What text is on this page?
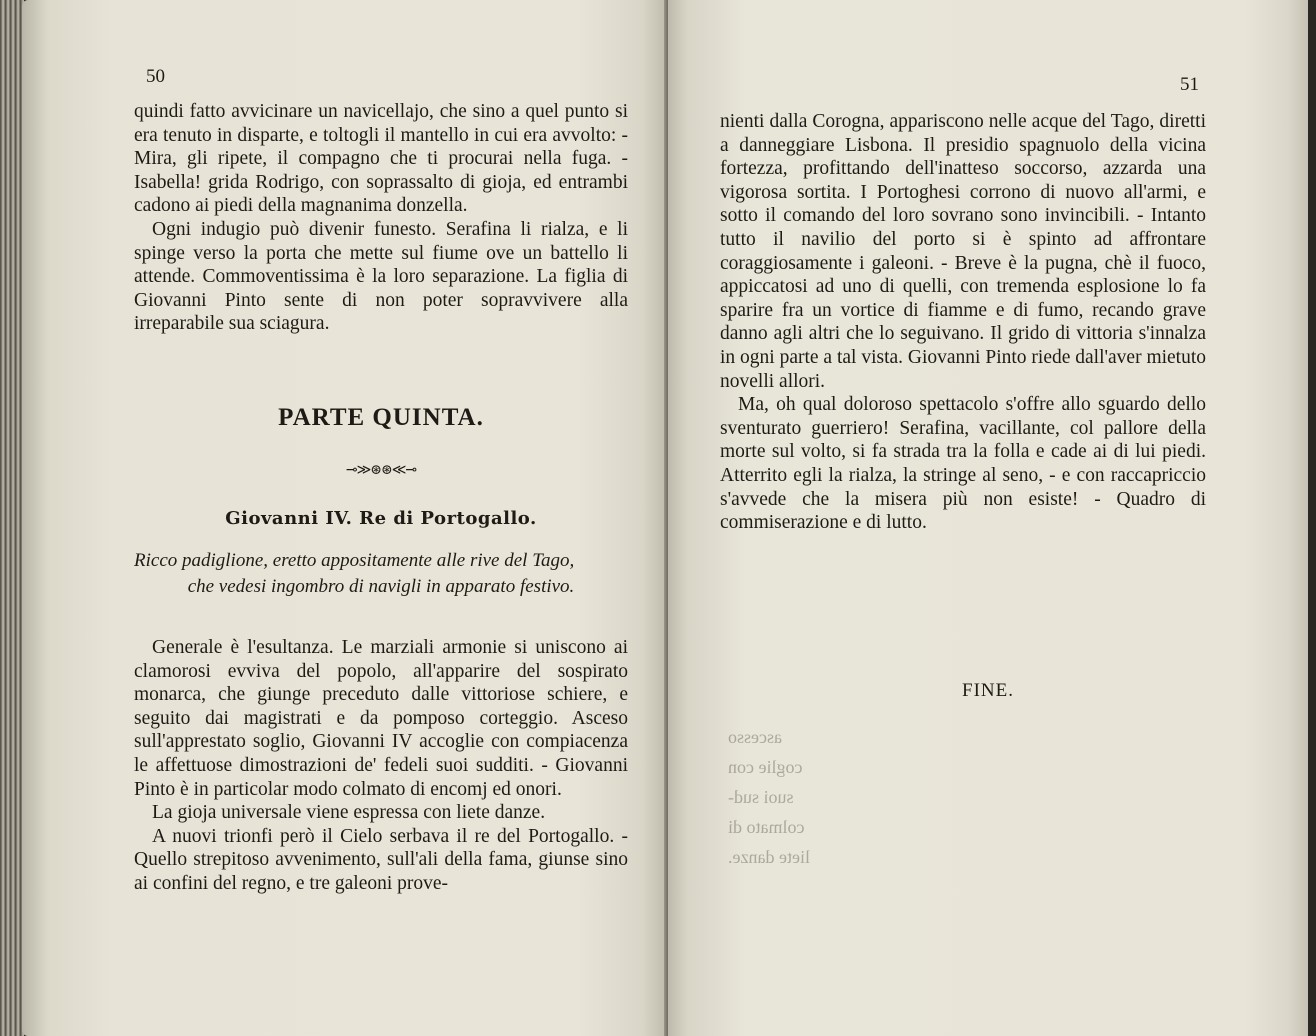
50

quindi fatto avvicinare un navicellajo, che sino a quel punto si era tenuto in disparte, e toltogli il mantello in cui era avvolto: - Mira, gli ripete, il compagno che ti procurai nella fuga. - Isabella! grida Rodrigo, con soprassalto di gioja, ed entrambi cadono ai piedi della magnanima donzella.

Ogni indugio può divenir funesto. Serafina li rialza, e li spinge verso la porta che mette sul fiume ove un battello li attende. Commoventissima è la loro separazione. La figlia di Giovanni Pinto sente di non poter sopravvivere alla irreparabile sua sciagura.

PARTE QUINTA.
⊸≫⊛⊛≪⊸
Giovanni IV. Re di Portogallo.
Ricco padiglione, eretto appositamente alle rive del Tago,
che vedesi ingombro di navigli in apparato festivo.

Generale è l'esultanza. Le marziali armonie si uniscono ai clamorosi evviva del popolo, all'apparire del sospirato monarca, che giunge preceduto dalle vittoriose schiere, e seguito dai magistrati e da pomposo corteggio. Asceso sull'apprestato soglio, Giovanni IV accoglie con compiacenza le affettuose dimostrazioni de' fedeli suoi sudditi. - Giovanni Pinto è in particolar modo colmato di encomj ed onori.

La gioja universale viene espressa con liete danze.

A nuovi trionfi però il Cielo serbava il re del Portogallo. - Quello strepitoso avvenimento, sull'ali della fama, giunse sino ai confini del regno, e tre galeoni prove-

51

nienti dalla Corogna, appariscono nelle acque del Tago, diretti a danneggiare Lisbona. Il presidio spagnuolo della vicina fortezza, profittando dell'inatteso soccorso, azzarda una vigorosa sortita. I Portoghesi corrono di nuovo all'armi, e sotto il comando del loro sovrano sono invincibili. - Intanto tutto il navilio del porto si è spinto ad affrontare coraggiosamente i galeoni. - Breve è la pugna, chè il fuoco, appiccatosi ad uno di quelli, con tremenda esplosione lo fa sparire fra un vortice di fiamme e di fumo, recando grave danno agli altri che lo seguivano. Il grido di vittoria s'innalza in ogni parte a tal vista. Giovanni Pinto riede dall'aver mietuto novelli allori.

Ma, oh qual doloroso spettacolo s'offre allo sguardo dello sventurato guerriero! Serafina, vacillante, col pallore della morte sul volto, si fa strada tra la folla e cade ai di lui piedi. Atterrito egli la rialza, la stringe al seno, - e con raccapriccio s'avvede che la misera più non esiste! - Quadro di commiserazione e di lutto.

FINE.
ascesso
coglie con
suoi sud-
colmato di
liete danze.
